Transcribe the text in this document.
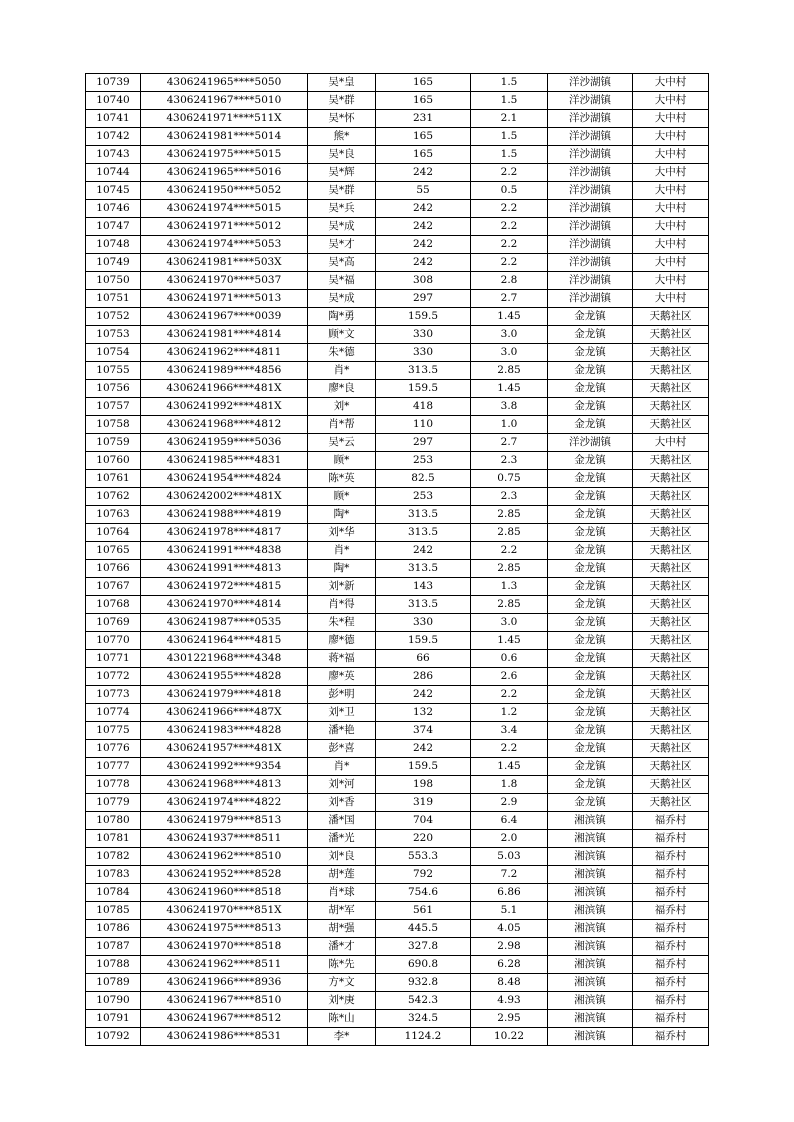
10739	4306241965****5050	吴*皇	165	1.5	洋沙湖镇	大中村
10740	4306241967****5010	吴*群	165	1.5	洋沙湖镇	大中村
10741	4306241971****511X	吴*怀	231	2.1	洋沙湖镇	大中村
10742	4306241981****5014	熊*	165	1.5	洋沙湖镇	大中村
10743	4306241975****5015	吴*良	165	1.5	洋沙湖镇	大中村
10744	4306241965****5016	吴*辉	242	2.2	洋沙湖镇	大中村
10745	4306241950****5052	吴*群	55	0.5	洋沙湖镇	大中村
10746	4306241974****5015	吴*兵	242	2.2	洋沙湖镇	大中村
10747	4306241971****5012	吴*成	242	2.2	洋沙湖镇	大中村
10748	4306241974****5053	吴*才	242	2.2	洋沙湖镇	大中村
10749	4306241981****503X	吴*高	242	2.2	洋沙湖镇	大中村
10750	4306241970****5037	吴*福	308	2.8	洋沙湖镇	大中村
10751	4306241971****5013	吴*成	297	2.7	洋沙湖镇	大中村
10752	4306241967****0039	陶*勇	159.5	1.45	金龙镇	天鹅社区
10753	4306241981****4814	顾*文	330	3.0	金龙镇	天鹅社区
10754	4306241962****4811	朱*德	330	3.0	金龙镇	天鹅社区
10755	4306241989****4856	肖*	313.5	2.85	金龙镇	天鹅社区
10756	4306241966****481X	廖*良	159.5	1.45	金龙镇	天鹅社区
10757	4306241992****481X	刘*	418	3.8	金龙镇	天鹅社区
10758	4306241968****4812	肖*帮	110	1.0	金龙镇	天鹅社区
10759	4306241959****5036	吴*云	297	2.7	洋沙湖镇	大中村
10760	4306241985****4831	顾*	253	2.3	金龙镇	天鹅社区
10761	4306241954****4824	陈*英	82.5	0.75	金龙镇	天鹅社区
10762	4306242002****481X	顾*	253	2.3	金龙镇	天鹅社区
10763	4306241988****4819	陶*	313.5	2.85	金龙镇	天鹅社区
10764	4306241978****4817	刘*华	313.5	2.85	金龙镇	天鹅社区
10765	4306241991****4838	肖*	242	2.2	金龙镇	天鹅社区
10766	4306241991****4813	陶*	313.5	2.85	金龙镇	天鹅社区
10767	4306241972****4815	刘*新	143	1.3	金龙镇	天鹅社区
10768	4306241970****4814	肖*得	313.5	2.85	金龙镇	天鹅社区
10769	4306241987****0535	朱*程	330	3.0	金龙镇	天鹅社区
10770	4306241964****4815	廖*德	159.5	1.45	金龙镇	天鹅社区
10771	4301221968****4348	蒋*福	66	0.6	金龙镇	天鹅社区
10772	4306241955****4828	廖*英	286	2.6	金龙镇	天鹅社区
10773	4306241979****4818	彭*明	242	2.2	金龙镇	天鹅社区
10774	4306241966****487X	刘*卫	132	1.2	金龙镇	天鹅社区
10775	4306241983****4828	潘*艳	374	3.4	金龙镇	天鹅社区
10776	4306241957****481X	彭*喜	242	2.2	金龙镇	天鹅社区
10777	4306241992****9354	肖*	159.5	1.45	金龙镇	天鹅社区
10778	4306241968****4813	刘*河	198	1.8	金龙镇	天鹅社区
10779	4306241974****4822	刘*香	319	2.9	金龙镇	天鹅社区
10780	4306241979****8513	潘*国	704	6.4	湘滨镇	福乔村
10781	4306241937****8511	潘*光	220	2.0	湘滨镇	福乔村
10782	4306241962****8510	刘*良	553.3	5.03	湘滨镇	福乔村
10783	4306241952****8528	胡*莲	792	7.2	湘滨镇	福乔村
10784	4306241960****8518	肖*球	754.6	6.86	湘滨镇	福乔村
10785	4306241970****851X	胡*军	561	5.1	湘滨镇	福乔村
10786	4306241975****8513	胡*强	445.5	4.05	湘滨镇	福乔村
10787	4306241970****8518	潘*才	327.8	2.98	湘滨镇	福乔村
10788	4306241962****8511	陈*先	690.8	6.28	湘滨镇	福乔村
10789	4306241966****8936	方*文	932.8	8.48	湘滨镇	福乔村
10790	4306241967****8510	刘*庚	542.3	4.93	湘滨镇	福乔村
10791	4306241967****8512	陈*山	324.5	2.95	湘滨镇	福乔村
10792	4306241986****8531	李*	1124.2	10.22	湘滨镇	福乔村
